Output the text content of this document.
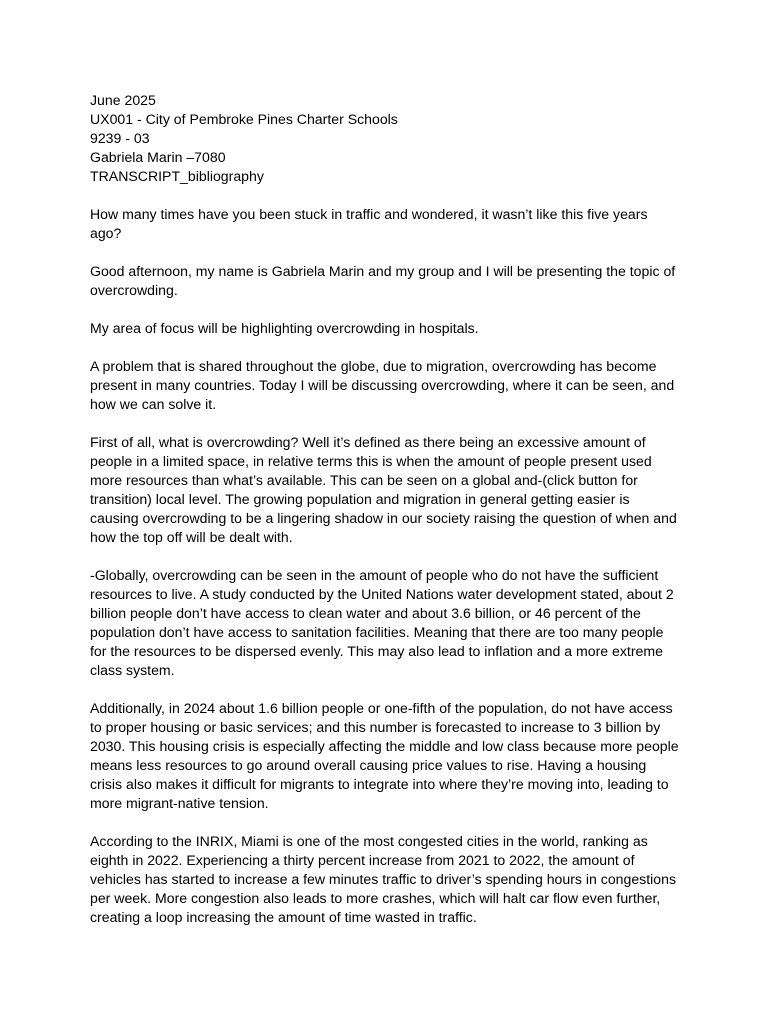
June 2025
UX001 - City of Pembroke Pines Charter Schools
9239 - 03
Gabriela Marin –7080
TRANSCRIPT_bibliography

How many times have you been stuck in traffic and wondered, it wasn’t like this five years ago?

Good afternoon, my name is Gabriela Marin and my group and I will be presenting the topic of overcrowding.

My area of focus will be highlighting overcrowding in hospitals.

A problem that is shared throughout the globe, due to migration, overcrowding has become present in many countries. Today I will be discussing overcrowding, where it can be seen, and how we can solve it.

First of all, what is overcrowding? Well it’s defined as there being an excessive amount of people in a limited space, in relative terms this is when the amount of people present used more resources than what’s available. This can be seen on a global and-(click button for transition) local level. The growing population and migration in general getting easier is causing overcrowding to be a lingering shadow in our society raising the question of when and how the top off will be dealt with.

-Globally, overcrowding can be seen in the amount of people who do not have the sufficient resources to live. A study conducted by the United Nations water development stated, about 2 billion people don’t have access to clean water and about 3.6 billion, or 46 percent of the population don’t have access to sanitation facilities. Meaning that there are too many people for the resources to be dispersed evenly. This may also lead to inflation and a more extreme class system.

Additionally, in 2024 about 1.6 billion people or one-fifth of the population, do not have access to proper housing or basic services; and this number is forecasted to increase to 3 billion by 2030. This housing crisis is especially affecting the middle and low class because more people means less resources to go around overall causing price values to rise. Having a housing crisis also makes it difficult for migrants to integrate into where they’re moving into, leading to more migrant-native tension.

According to the INRIX, Miami is one of the most congested cities in the world, ranking as eighth in 2022. Experiencing a thirty percent increase from 2021 to 2022, the amount of vehicles has started to increase a few minutes traffic to driver’s spending hours in congestions per week. More congestion also leads to more crashes, which will halt car flow even further, creating a loop increasing the amount of time wasted in traffic.
